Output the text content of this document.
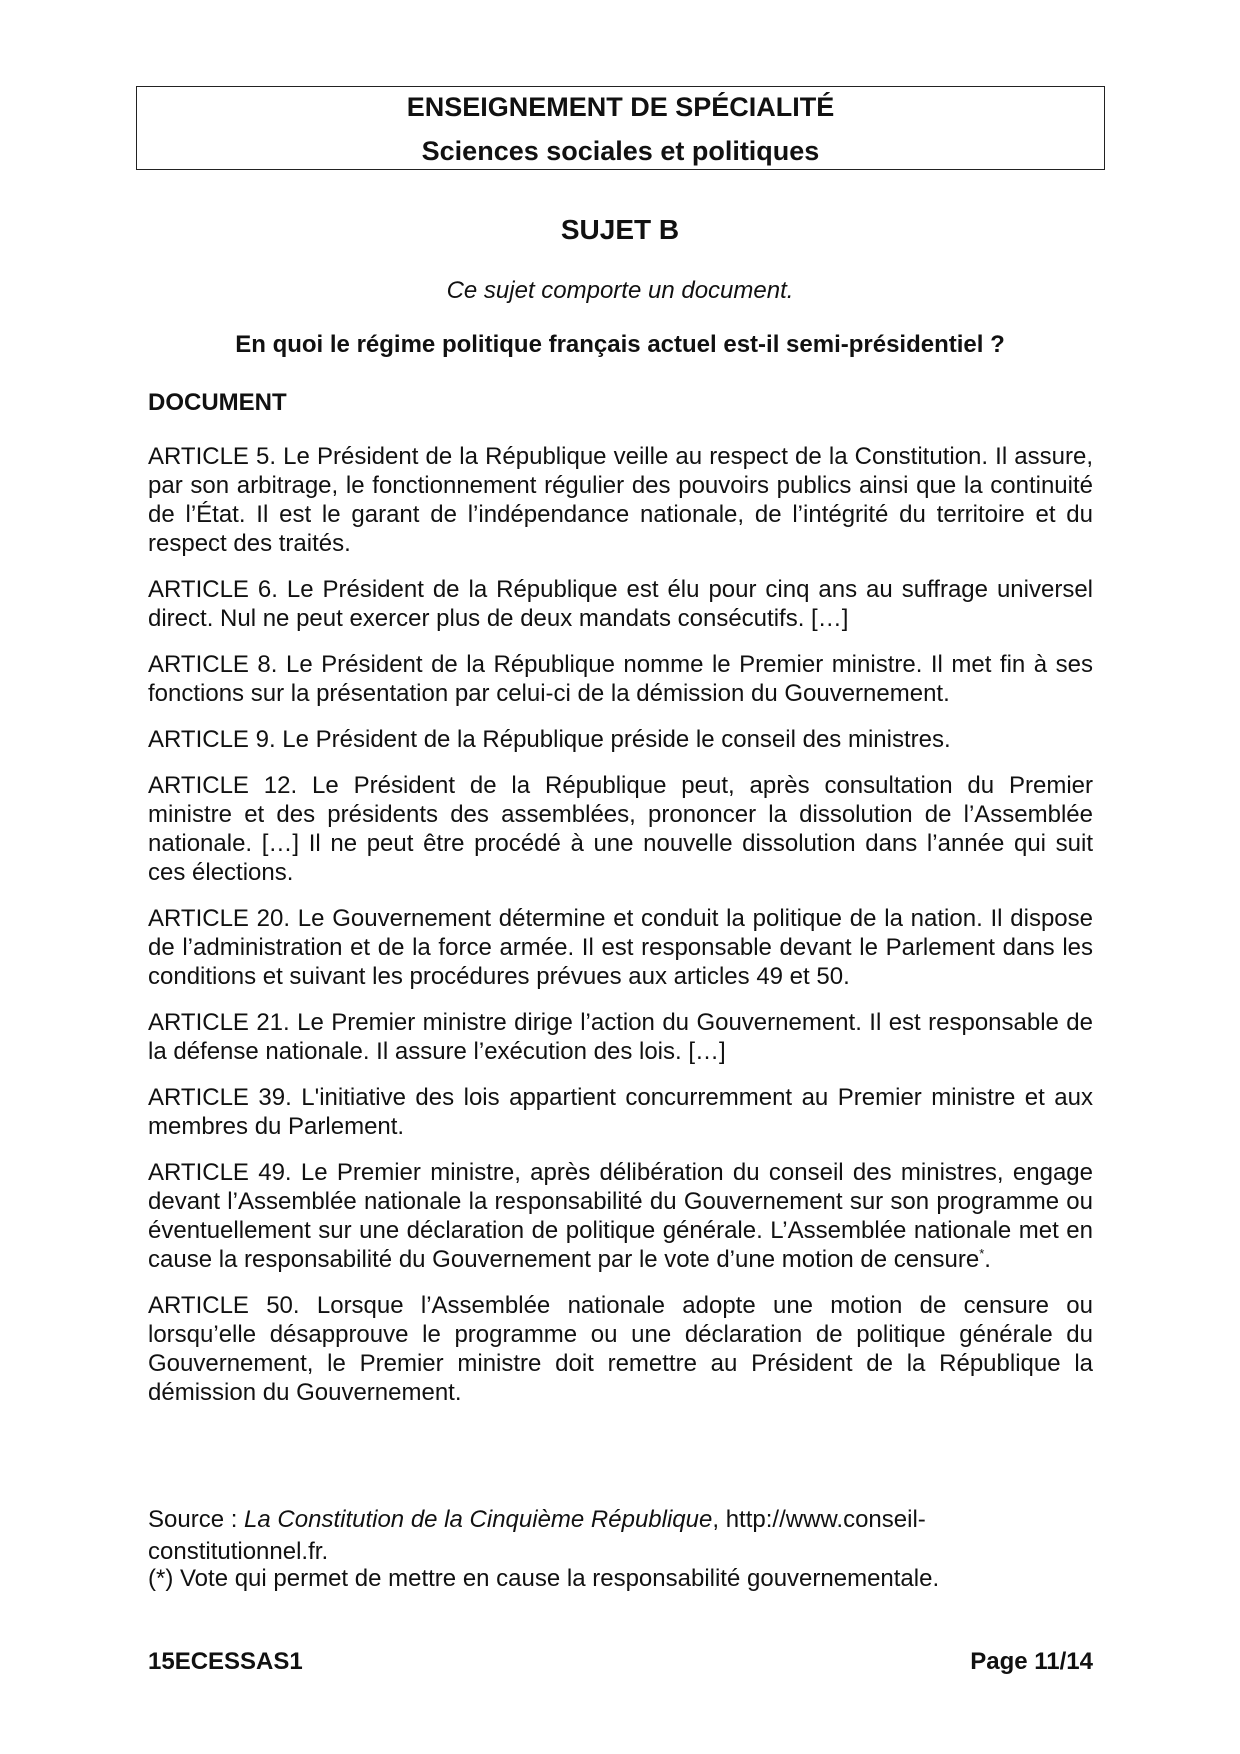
ENSEIGNEMENT DE SPÉCIALITÉ
Sciences sociales et politiques
SUJET B
Ce sujet comporte un document.
En quoi le régime politique français actuel est-il semi-présidentiel ?
DOCUMENT

ARTICLE 5. Le Président de la République veille au respect de la Constitution. Il assure, par son arbitrage, le fonctionnement régulier des pouvoirs publics ainsi que la continuité de l’État. Il est le garant de l’indépendance nationale, de l’intégrité du territoire et du respect des traités.

ARTICLE 6. Le Président de la République est élu pour cinq ans au suffrage universel direct. Nul ne peut exercer plus de deux mandats consécutifs. […]

ARTICLE 8. Le Président de la République nomme le Premier ministre. Il met fin à ses fonctions sur la présentation par celui-ci de la démission du Gouvernement.

ARTICLE 9. Le Président de la République préside le conseil des ministres.

ARTICLE 12. Le Président de la République peut, après consultation du Premier ministre et des présidents des assemblées, prononcer la dissolution de l’Assemblée nationale. […] Il ne peut être procédé à une nouvelle dissolution dans l’année qui suit ces élections.

ARTICLE 20. Le Gouvernement détermine et conduit la politique de la nation. Il dispose de l’administration et de la force armée. Il est responsable devant le Parlement dans les conditions et suivant les procédures prévues aux articles 49 et 50.

ARTICLE 21. Le Premier ministre dirige l’action du Gouvernement. Il est responsable de la défense nationale. Il assure l’exécution des lois. […]

ARTICLE 39. L'initiative des lois appartient concurremment au Premier ministre et aux membres du Parlement.

ARTICLE 49. Le Premier ministre, après délibération du conseil des ministres, engage devant l’Assemblée nationale la responsabilité du Gouvernement sur son programme ou éventuellement sur une déclaration de politique générale. L’Assemblée nationale met en cause la responsabilité du Gouvernement par le vote d’une motion de censure*.

ARTICLE 50. Lorsque l’Assemblée nationale adopte une motion de censure ou lorsqu’elle désapprouve le programme ou une déclaration de politique générale du Gouvernement, le Premier ministre doit remettre au Président de la République la démission du Gouvernement.

Source : La Constitution de la Cinquième République, http://www.conseil-constitutionnel.fr.
(*) Vote qui permet de mettre en cause la responsabilité gouvernementale.
15ECESSAS1	Page 11/14
